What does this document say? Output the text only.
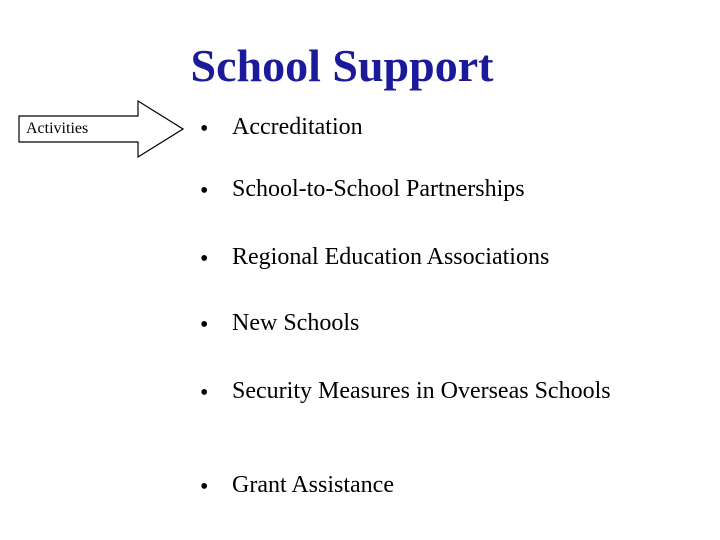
School Support
Activities	• Accreditation
• School-to-School Partnerships
• Regional Education Associations
• New Schools
• Security Measures in Overseas Schools
• Grant Assistance
